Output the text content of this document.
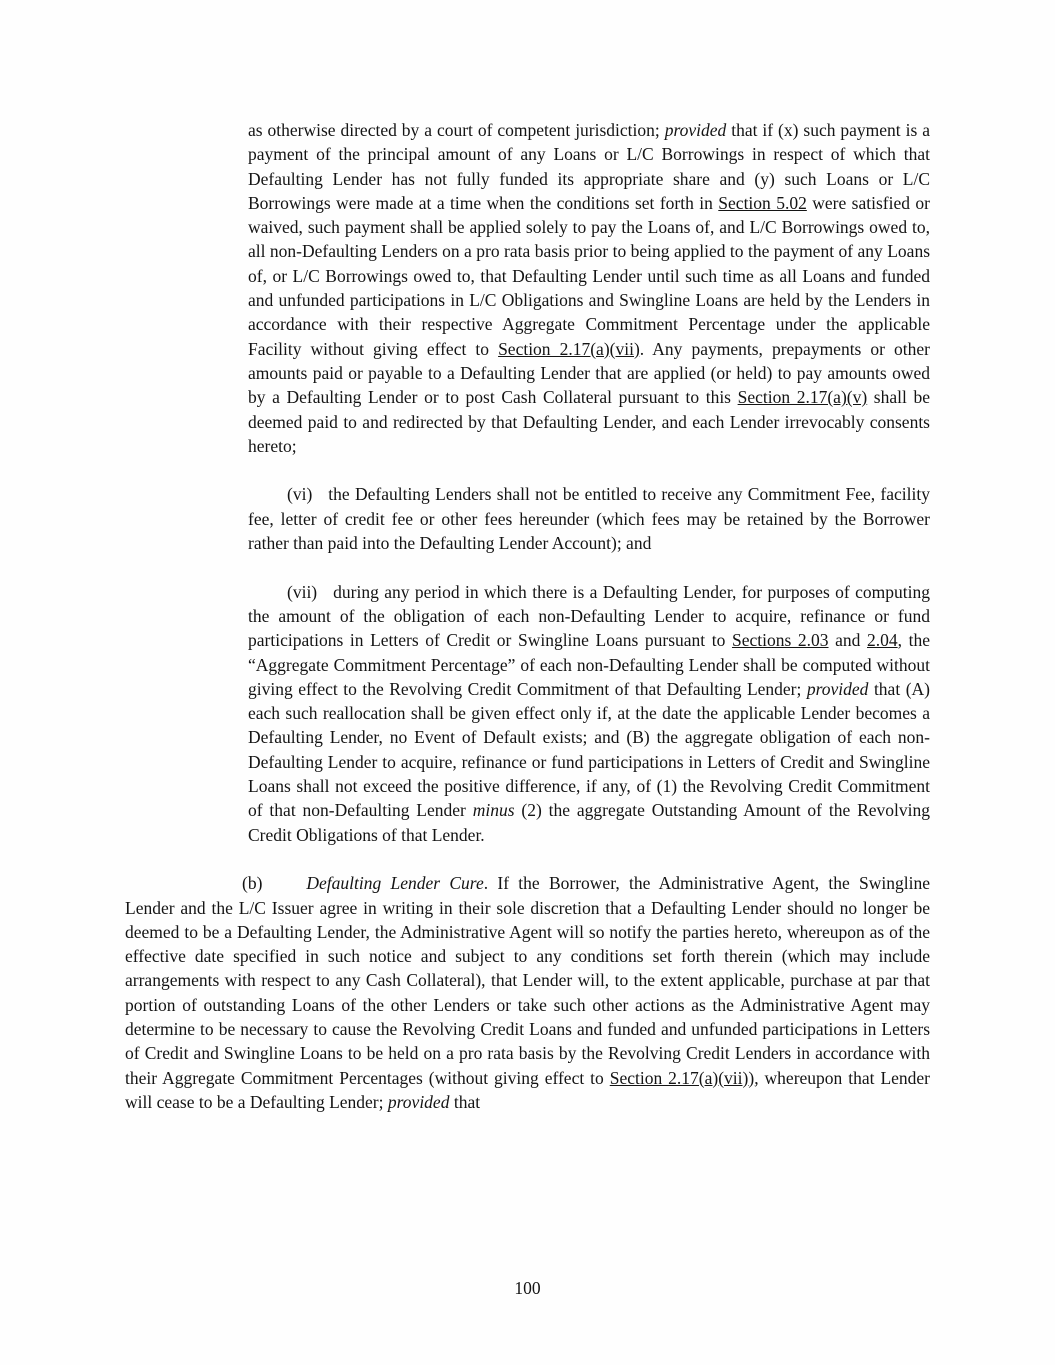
as otherwise directed by a court of competent jurisdiction; provided that if (x) such payment is a payment of the principal amount of any Loans or L/C Borrowings in respect of which that Defaulting Lender has not fully funded its appropriate share and (y) such Loans or L/C Borrowings were made at a time when the conditions set forth in Section 5.02 were satisfied or waived, such payment shall be applied solely to pay the Loans of, and L/C Borrowings owed to, all non-Defaulting Lenders on a pro rata basis prior to being applied to the payment of any Loans of, or L/C Borrowings owed to, that Defaulting Lender until such time as all Loans and funded and unfunded participations in L/C Obligations and Swingline Loans are held by the Lenders in accordance with their respective Aggregate Commitment Percentage under the applicable Facility without giving effect to Section 2.17(a)(vii). Any payments, prepayments or other amounts paid or payable to a Defaulting Lender that are applied (or held) to pay amounts owed by a Defaulting Lender or to post Cash Collateral pursuant to this Section 2.17(a)(v) shall be deemed paid to and redirected by that Defaulting Lender, and each Lender irrevocably consents hereto;

(vi) the Defaulting Lenders shall not be entitled to receive any Commitment Fee, facility fee, letter of credit fee or other fees hereunder (which fees may be retained by the Borrower rather than paid into the Defaulting Lender Account); and

(vii) during any period in which there is a Defaulting Lender, for purposes of computing the amount of the obligation of each non-Defaulting Lender to acquire, refinance or fund participations in Letters of Credit or Swingline Loans pursuant to Sections 2.03 and 2.04, the “Aggregate Commitment Percentage” of each non-Defaulting Lender shall be computed without giving effect to the Revolving Credit Commitment of that Defaulting Lender; provided that (A) each such reallocation shall be given effect only if, at the date the applicable Lender becomes a Defaulting Lender, no Event of Default exists; and (B) the aggregate obligation of each non-Defaulting Lender to acquire, refinance or fund participations in Letters of Credit and Swingline Loans shall not exceed the positive difference, if any, of (1) the Revolving Credit Commitment of that non-Defaulting Lender minus (2) the aggregate Outstanding Amount of the Revolving Credit Obligations of that Lender.

(b)	Defaulting Lender Cure. If the Borrower, the Administrative Agent, the Swingline Lender and the L/C Issuer agree in writing in their sole discretion that a Defaulting Lender should no longer be deemed to be a Defaulting Lender, the Administrative Agent will so notify the parties hereto, whereupon as of the effective date specified in such notice and subject to any conditions set forth therein (which may include arrangements with respect to any Cash Collateral), that Lender will, to the extent applicable, purchase at par that portion of outstanding Loans of the other Lenders or take such other actions as the Administrative Agent may determine to be necessary to cause the Revolving Credit Loans and funded and unfunded participations in Letters of Credit and Swingline Loans to be held on a pro rata basis by the Revolving Credit Lenders in accordance with their Aggregate Commitment Percentages (without giving effect to Section 2.17(a)(vii)), whereupon that Lender will cease to be a Defaulting Lender; provided that

100
